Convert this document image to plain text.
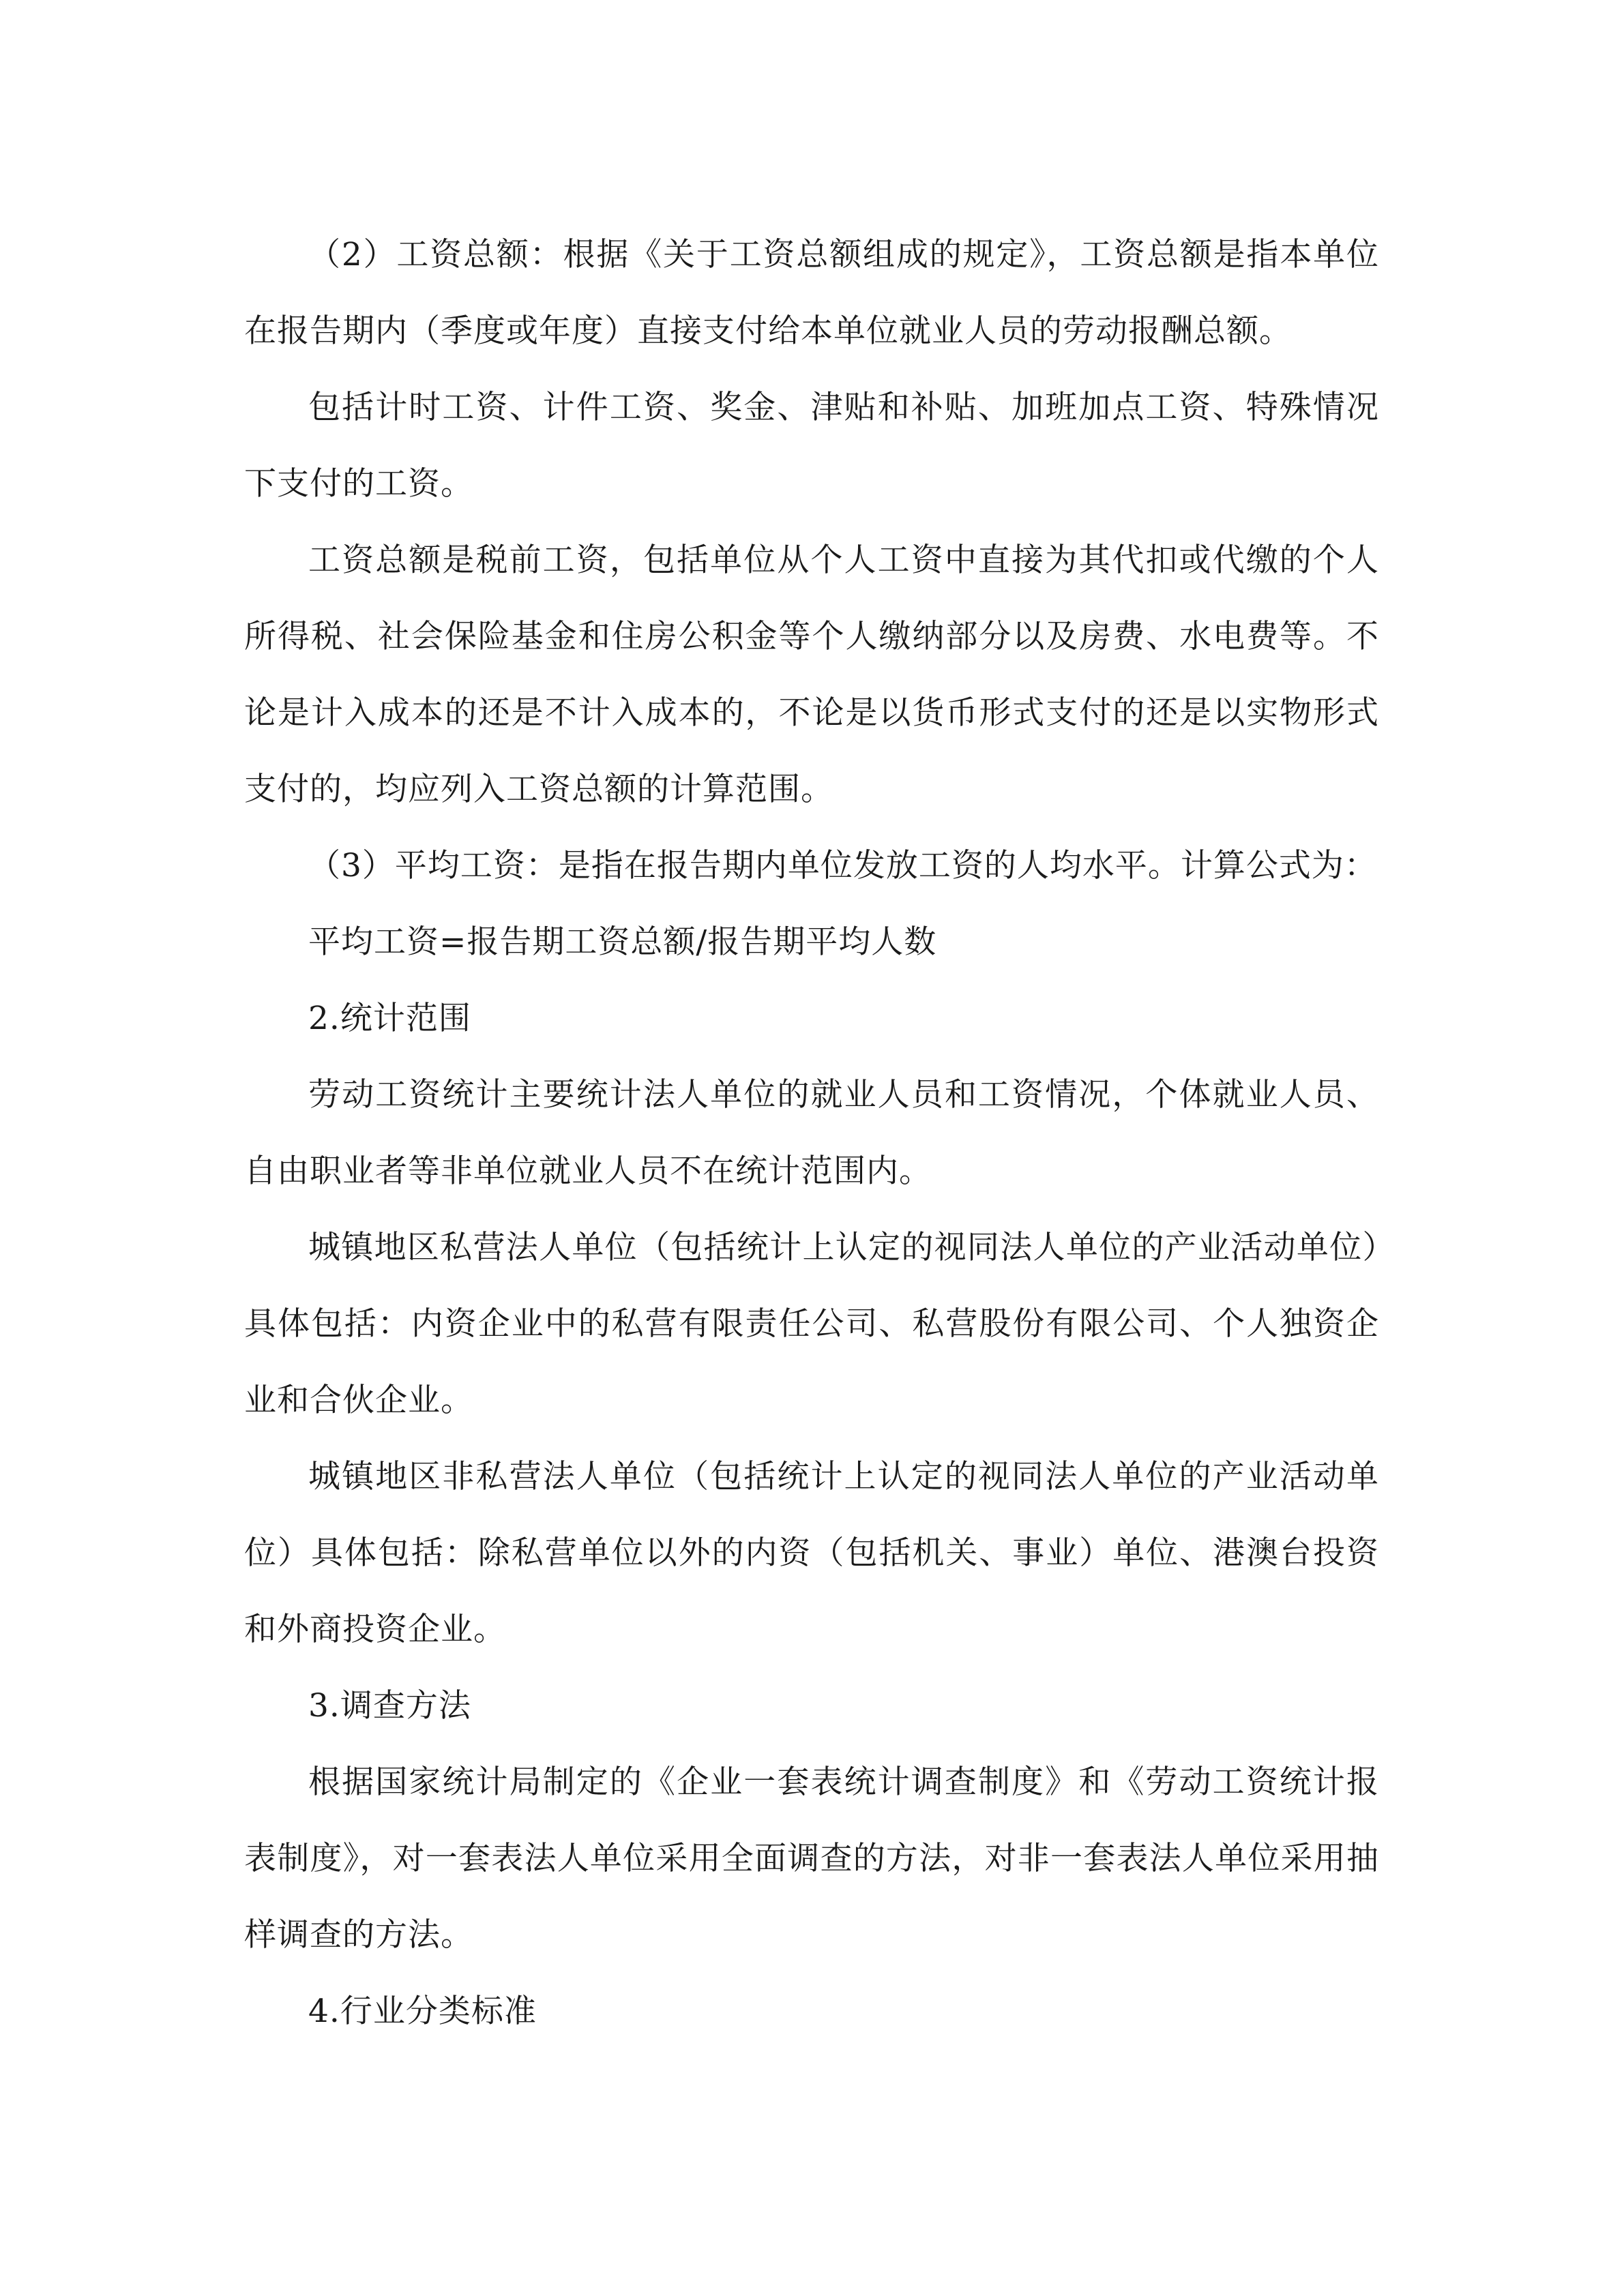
（2）工资总额：根据《关于工资总额组成的规定》，工资总额是指本单位在报告期内（季度或年度）直接支付给本单位就业人员的劳动报酬总额。

包括计时工资、计件工资、奖金、津贴和补贴、加班加点工资、特殊情况下支付的工资。

工资总额是税前工资，包括单位从个人工资中直接为其代扣或代缴的个人所得税、社会保险基金和住房公积金等个人缴纳部分以及房费、水电费等。不论是计入成本的还是不计入成本的，不论是以货币形式支付的还是以实物形式支付的，均应列入工资总额的计算范围。

（3）平均工资：是指在报告期内单位发放工资的人均水平。计算公式为：

平均工资=报告期工资总额/报告期平均人数

2.统计范围

劳动工资统计主要统计法人单位的就业人员和工资情况，个体就业人员、自由职业者等非单位就业人员不在统计范围内。

城镇地区私营法人单位（包括统计上认定的视同法人单位的产业活动单位）具体包括：内资企业中的私营有限责任公司、私营股份有限公司、个人独资企业和合伙企业。

城镇地区非私营法人单位（包括统计上认定的视同法人单位的产业活动单位）具体包括：除私营单位以外的内资（包括机关、事业）单位、港澳台投资和外商投资企业。

3.调查方法

根据国家统计局制定的《企业一套表统计调查制度》和《劳动工资统计报表制度》，对一套表法人单位采用全面调查的方法，对非一套表法人单位采用抽样调查的方法。

4.行业分类标准
